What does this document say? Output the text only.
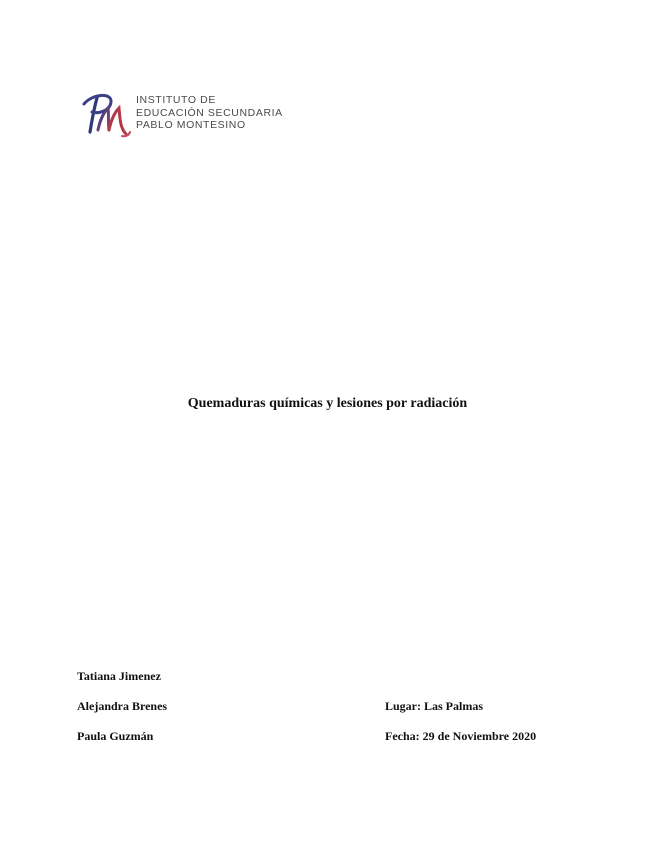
INSTITUTO DE
EDUCACIÓN SECUNDARIA
PABLO MONTESINO
Quemaduras químicas y lesiones por radiación
Tatiana Jimenez
Alejandra Brenes
Paula Guzmán
Lugar: Las Palmas
Fecha: 29 de Noviembre 2020
